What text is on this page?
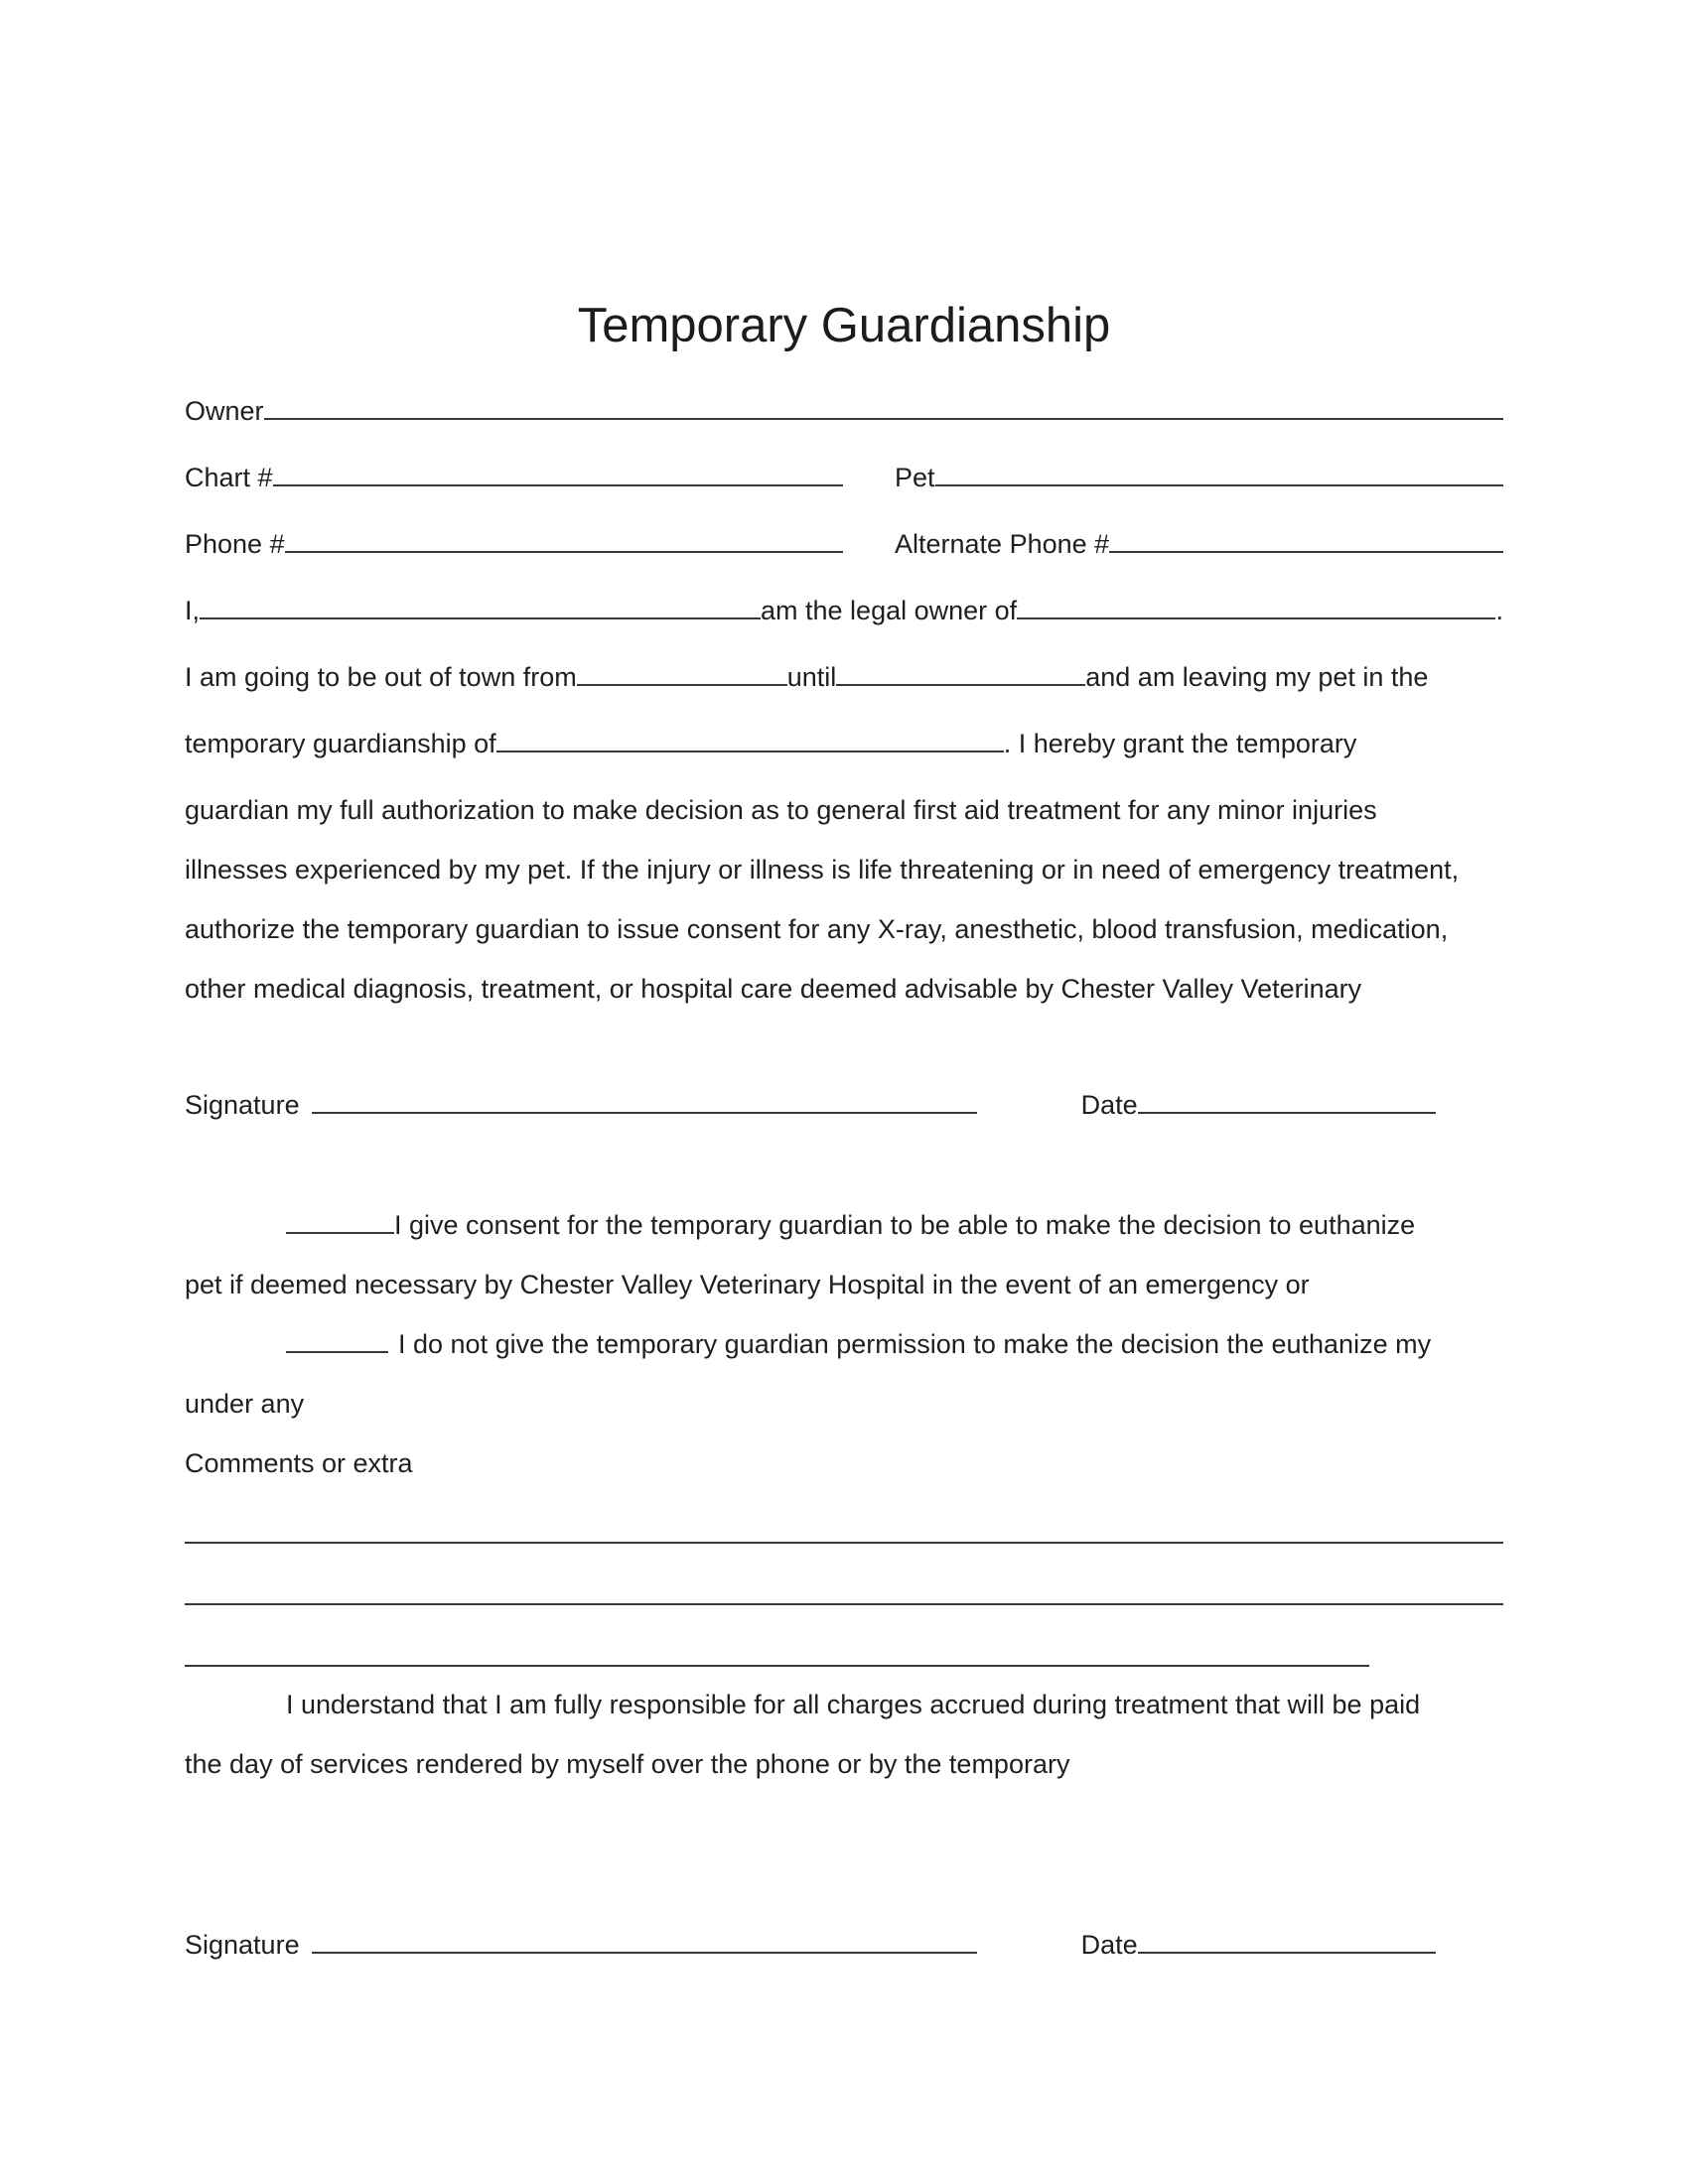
Temporary Guardianship
Owner
Chart #	Pet
Phone #	Alternate Phone #
I,	am the legal owner of	.
I am going to be out of town from	until	and am leaving my pet in the
temporary guardianship of	. I hereby grant the temporary
guardian my full authorization to make decision as to general first aid treatment for any minor injuries
illnesses experienced by my pet. If the injury or illness is life threatening or in need of emergency treatment,
authorize the temporary guardian to issue consent for any X-ray, anesthetic, blood transfusion, medication,
other medical diagnosis, treatment, or hospital care deemed advisable by Chester Valley Veterinary
Signature	Date
I give consent for the temporary guardian to be able to make the decision to euthanize
pet if deemed necessary by Chester Valley Veterinary Hospital in the event of an emergency or
I do not give the temporary guardian permission to make the decision the euthanize my
under any
Comments or extra
I understand that I am fully responsible for all charges accrued during treatment that will be paid
the day of services rendered by myself over the phone or by the temporary
Signature	Date
